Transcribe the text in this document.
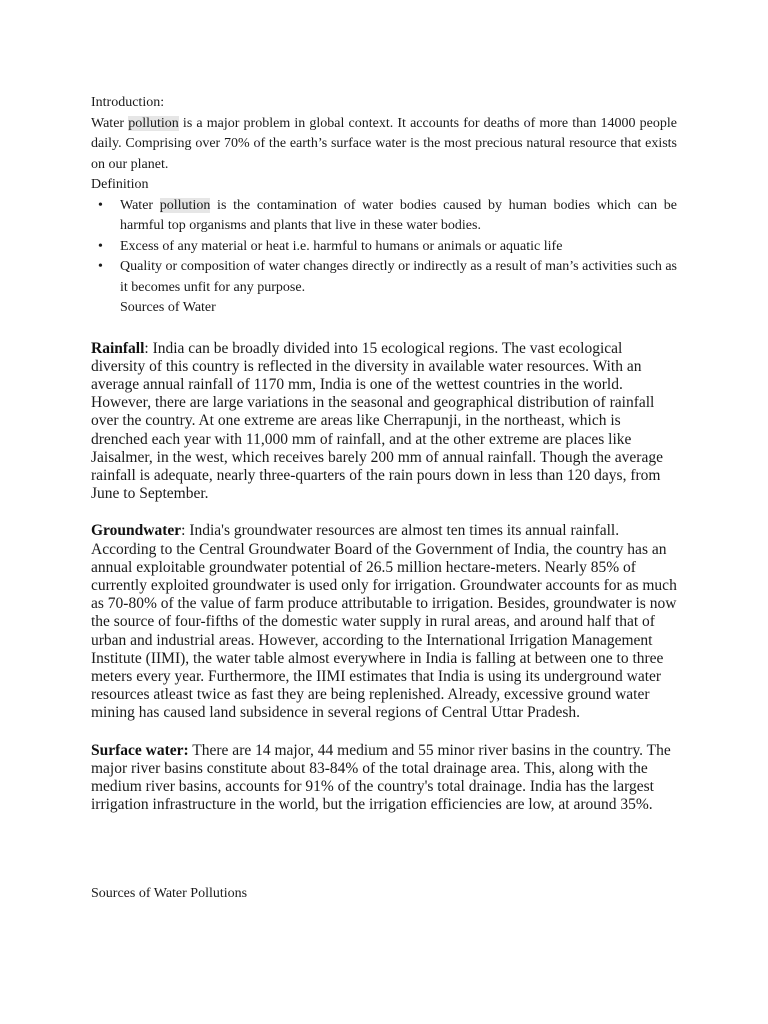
Introduction:
Water pollution is a major problem in global context. It accounts for deaths of more than 14000 people daily. Comprising over 70% of the earth’s surface water is the most precious natural resource that exists on our planet.
Definition
• Water pollution is the contamination of water bodies caused by human bodies which can be harmful top organisms and plants that live in these water bodies.
• Excess of any material or heat i.e. harmful to humans or animals or aquatic life
• Quality or composition of water changes directly or indirectly as a result of man’s activities such as it becomes unfit for any purpose.
Sources of Water
Rainfall: India can be broadly divided into 15 ecological regions. The vast ecological diversity of this country is reflected in the diversity in available water resources. With an average annual rainfall of 1170 mm, India is one of the wettest countries in the world. However, there are large variations in the seasonal and geographical distribution of rainfall over the country. At one extreme are areas like Cherrapunji, in the northeast, which is drenched each year with 11,000 mm of rainfall, and at the other extreme are places like Jaisalmer, in the west, which receives barely 200 mm of annual rainfall. Though the average rainfall is adequate, nearly three-quarters of the rain pours down in less than 120 days, from June to September.
Groundwater: India's groundwater resources are almost ten times its annual rainfall. According to the Central Groundwater Board of the Government of India, the country has an annual exploitable groundwater potential of 26.5 million hectare-meters. Nearly 85% of currently exploited groundwater is used only for irrigation. Groundwater accounts for as much as 70-80% of the value of farm produce attributable to irrigation. Besides, groundwater is now the source of four-fifths of the domestic water supply in rural areas, and around half that of urban and industrial areas. However, according to the International Irrigation Management Institute (IIMI), the water table almost everywhere in India is falling at between one to three meters every year. Furthermore, the IIMI estimates that India is using its underground water resources atleast twice as fast they are being replenished. Already, excessive ground water mining has caused land subsidence in several regions of Central Uttar Pradesh.
Surface water: There are 14 major, 44 medium and 55 minor river basins in the country. The major river basins constitute about 83-84% of the total drainage area. This, along with the medium river basins, accounts for 91% of the country's total drainage. India has the largest irrigation infrastructure in the world, but the irrigation efficiencies are low, at around 35%.
Sources of Water Pollutions
